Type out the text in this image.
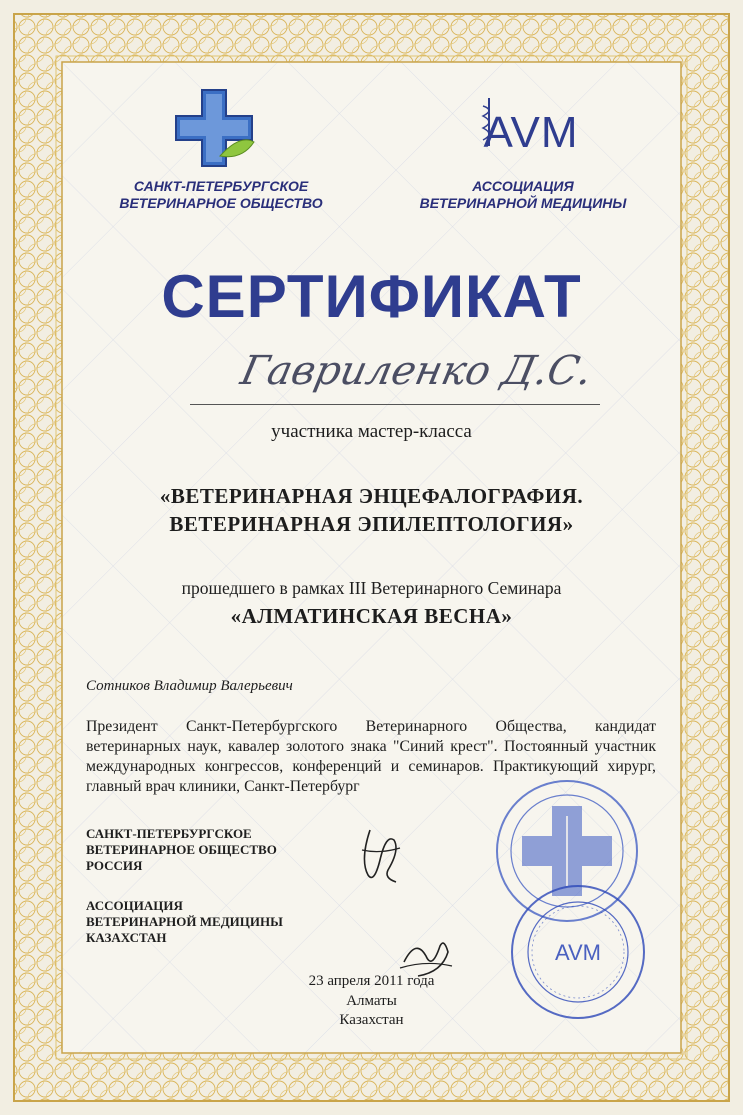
САНКТ-ПЕТЕРБУРГСКОЕ
ВЕТЕРИНАРНОЕ ОБЩЕСТВО
AVM
АССОЦИАЦИЯ
ВЕТЕРИНАРНОЙ МЕДИЦИНЫ
СЕРТИФИКАТ
Гавриленко Д.С.
участника мастер-класса
«ВЕТЕРИНАРНАЯ ЭНЦЕФАЛОГРАФИЯ.
ВЕТЕРИНАРНАЯ ЭПИЛЕПТОЛОГИЯ»
прошедшего в рамках III Ветеринарного Семинара
«АЛМАТИНСКАЯ ВЕСНА»
Сотников Владимир Валерьевич
Президент Санкт-Петербургского Ветеринарного Общества, кандидат ветеринарных наук, кавалер золотого знака "Синий крест". Постоянный участник международных конгрессов, конференций и семинаров. Практикующий хирург, главный врач клиники, Санкт-Петербург
САНКТ-ПЕТЕРБУРГСКОЕ
ВЕТЕРИНАРНОЕ ОБЩЕСТВО
РОССИЯ
АССОЦИАЦИЯ
ВЕТЕРИНАРНОЙ МЕДИЦИНЫ
КАЗАХСТАН
AVM
23 апреля 2011 года
Алматы
Казахстан
